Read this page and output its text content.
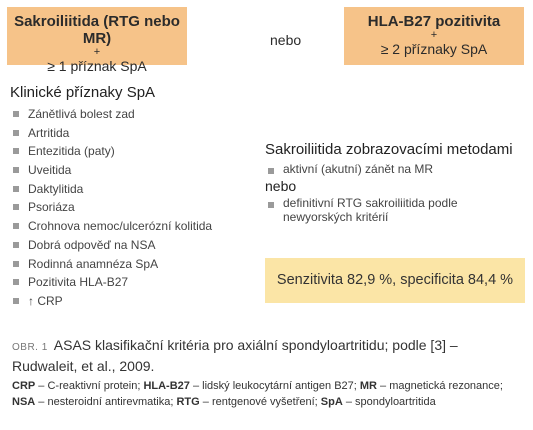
Sakroiliitida (RTG nebo MR)
+
≥ 1 příznak SpA
nebo
HLA-B27 pozitivita
+
≥ 2 příznaky SpA
Klinické příznaky SpA
Zánětlivá bolest zad
Artritida
Entezitida (paty)
Uveitida
Daktylitida
Psoriáza
Crohnova nemoc/ulcerózní kolitida
Dobrá odpověď na NSA
Rodinná anamnéza SpA
Pozitivita HLA-B27
↑ CRP
Sakroiliitida zobrazovacími metodami
aktivní (akutní) zánět na MR
nebo
definitivní RTG sakroiliitida podle
newyorských kritérií
Senzitivita 82,9 %, specificita 84,4 %
OBR. 1 ASAS klasifikační kritéria pro axiální spondyloartritidu; podle [3] – Rudwaleit, et al., 2009.
CRP – C-reaktivní protein; HLA-B27 – lidský leukocytární antigen B27; MR – magnetická rezonance; NSA – nesteroidní antirevmatika; RTG – rentgenové vyšetření; SpA – spondyloartritida
